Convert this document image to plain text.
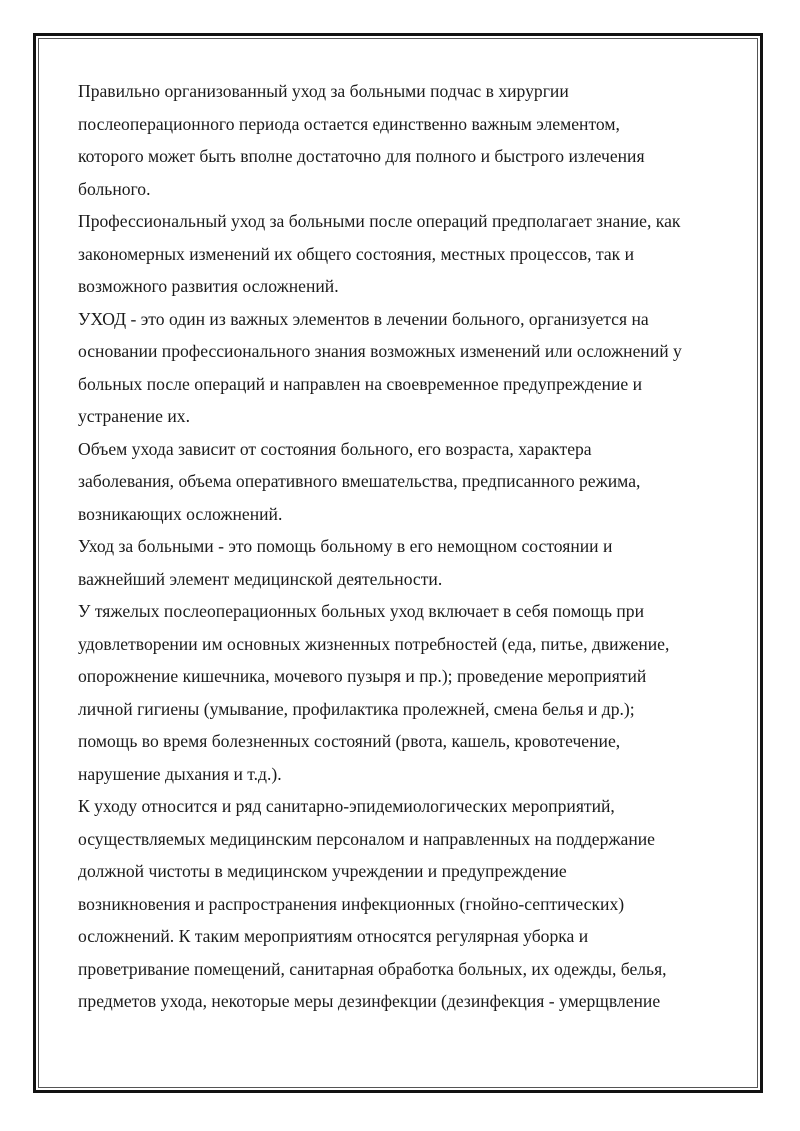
Правильно организованный уход за больными подчас в хирургии
послеоперационного периода остается единственно важным элементом,
которого может быть вполне достаточно для полного и быстрого излечения
больного.
Профессиональный уход за больными после операций предполагает знание, как
закономерных изменений их общего состояния, местных процессов, так и
возможного развития осложнений.
УХОД - это один из важных элементов в лечении больного, организуется на
основании профессионального знания возможных изменений или осложнений у
больных после операций и направлен на своевременное предупреждение и
устранение их.
Объем ухода зависит от состояния больного, его возраста, характера
заболевания, объема оперативного вмешательства, предписанного режима,
возникающих осложнений.
Уход за больными - это помощь больному в его немощном состоянии и
важнейший элемент медицинской деятельности.
У тяжелых послеоперационных больных уход включает в себя помощь при
удовлетворении им основных жизненных потребностей (еда, питье, движение,
опорожнение кишечника, мочевого пузыря и пр.); проведение мероприятий
личной гигиены (умывание, профилактика пролежней, смена белья и др.);
помощь во время болезненных состояний (рвота, кашель, кровотечение,
нарушение дыхания и т.д.).
К уходу относится и ряд санитарно-эпидемиологических мероприятий,
осуществляемых медицинским персоналом и направленных на поддержание
должной чистоты в медицинском учреждении и предупреждение
возникновения и распространения инфекционных (гнойно-септических)
осложнений. К таким мероприятиям относятся регулярная уборка и
проветривание помещений, санитарная обработка больных, их одежды, белья,
предметов ухода, некоторые меры дезинфекции (дезинфекция - умерщвление
